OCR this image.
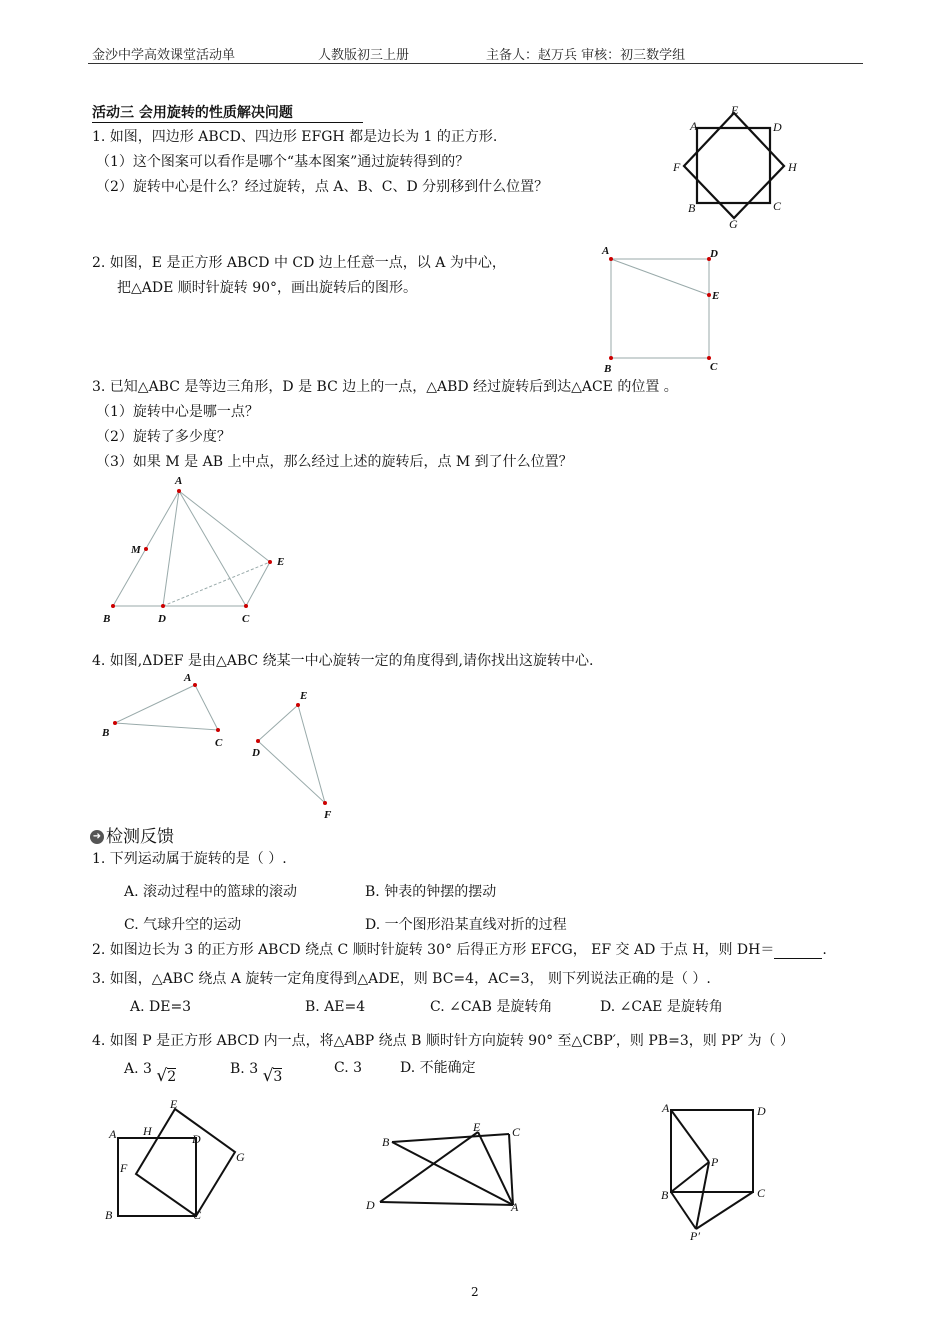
金沙中学高效课堂活动单	人教版初三上册	主备人：赵万兵 审核：初三数学组
活动三 会用旋转的性质解决问题
1. 如图，四边形 ABCD、四边形 EFGH 都是边长为 1 的正方形.
（1）这个图案可以看作是哪个“基本图案”通过旋转得到的？
（2）旋转中心是什么？经过旋转，点 A、B、C、D 分别移到什么位置？
A
E
D
F	H
B
G
C
2. 如图，E 是正方形 ABCD 中 CD 边上任意一点，以 A 为中心，
把△ADE 顺时针旋转 90°，画出旋转后的图形。
A	D
E
B	C
3. 已知△ABC 是等边三角形，D 是 BC 边上的一点，△ABD 经过旋转后到达△ACE 的位置 。
（1）旋转中心是哪一点？
（2）旋转了多少度？
（3）如果 M 是 AB 上中点，那么经过上述的旋转后，点 M 到了什么位置？
A
M
E
B	D	C
4. 如图,ΔDEF 是由△ABC 绕某一中心旋转一定的角度得到,请你找出这旋转中心.
A
B
C
E
D
F
➜ 检测反馈
1. 下列运动属于旋转的是（ ）.
A. 滚动过程中的篮球的滚动	B. 钟表的钟摆的摆动
C. 气球升空的运动	D. 一个图形沿某直线对折的过程
2. 如图边长为 3 的正方形 ABCD 绕点 C 顺时针旋转 30° 后得正方形 EFCG， EF 交 AD 于点 H，则 DH＝	.
3. 如图，△ABC 绕点 A 旋转一定角度得到△ADE，则 BC=4，AC=3， 则下列说法正确的是（ ）.
A. DE=3	B. AE=4	C. ∠CAB 是旋转角	D. ∠CAE 是旋转角
4. 如图 P 是正方形 ABCD 内一点，将△ABP 绕点 B 顺时针方向旋转 90° 至△CBP′，则 PB=3，则 PP′ 为（ ）
A. 3 √2	B. 3 √3
C. 3	D. 不能确定
E
A H
D
F
G
B	C
B
E	C
D	A
A	D
P
B	C
P′
2
